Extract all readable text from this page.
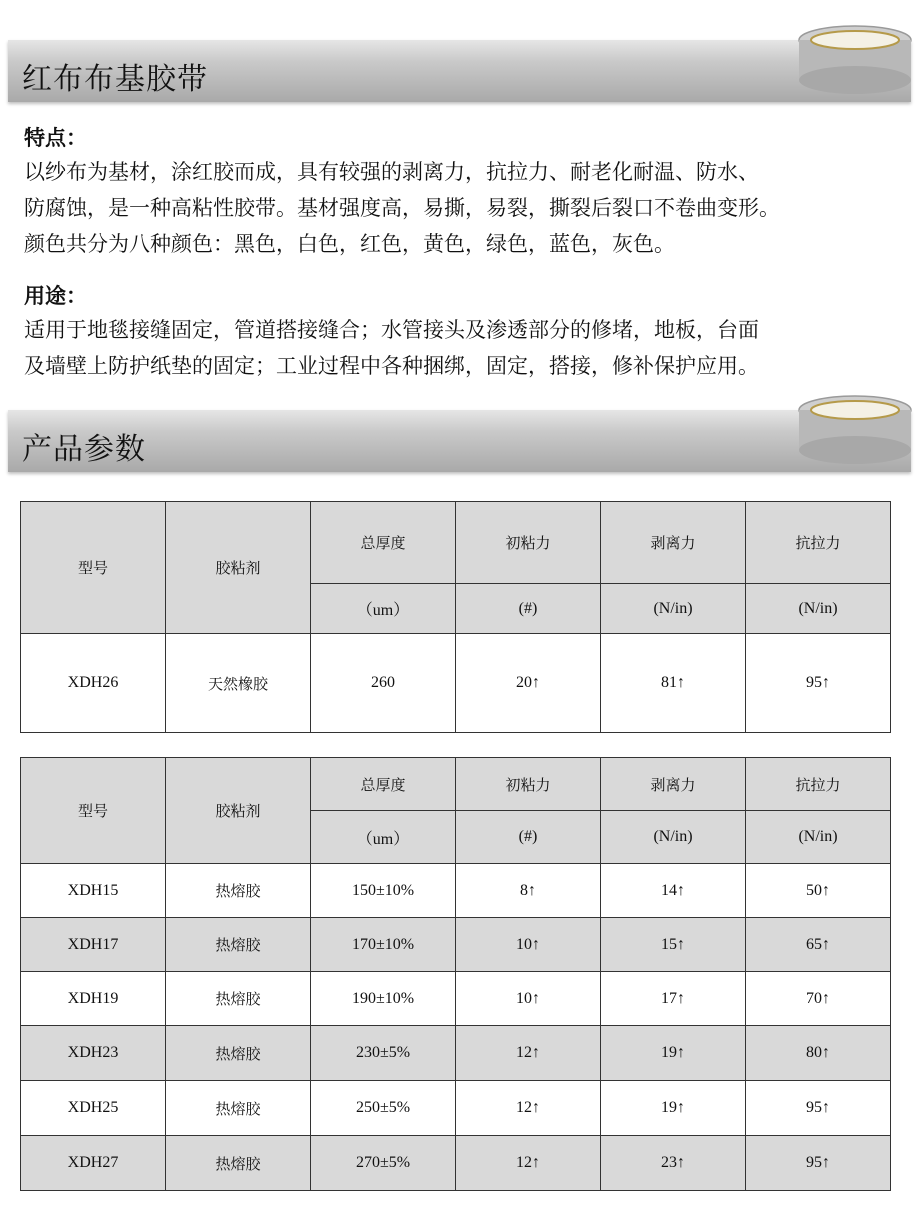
红布布基胶带
特点：
以纱布为基材，涂红胶而成，具有较强的剥离力，抗拉力、耐老化耐温、防水、
防腐蚀，是一种高粘性胶带。基材强度高，易撕，易裂，撕裂后裂口不卷曲变形。
颜色共分为八种颜色：黑色，白色，红色，黄色，绿色，蓝色，灰色。
用途：
适用于地毯接缝固定，管道搭接缝合；水管接头及渗透部分的修堵，地板，台面
及墙壁上防护纸垫的固定；工业过程中各种捆绑，固定，搭接，修补保护应用。
产品参数
型号	胶粘剂	总厚度	初粘力	剥离力	抗拉力
		（um）	(#)	(N/in)	(N/in)
XDH26	天然橡胶	260	20↑	81↑	95↑
型号	胶粘剂	总厚度	初粘力	剥离力	抗拉力
		（um）	(#)	(N/in)	(N/in)
XDH15	热熔胶	150±10%	8↑	14↑	50↑
XDH17	热熔胶	170±10%	10↑	15↑	65↑
XDH19	热熔胶	190±10%	10↑	17↑	70↑
XDH23	热熔胶	230±5%	12↑	19↑	80↑
XDH25	热熔胶	250±5%	12↑	19↑	95↑
XDH27	热熔胶	270±5%	12↑	23↑	95↑
